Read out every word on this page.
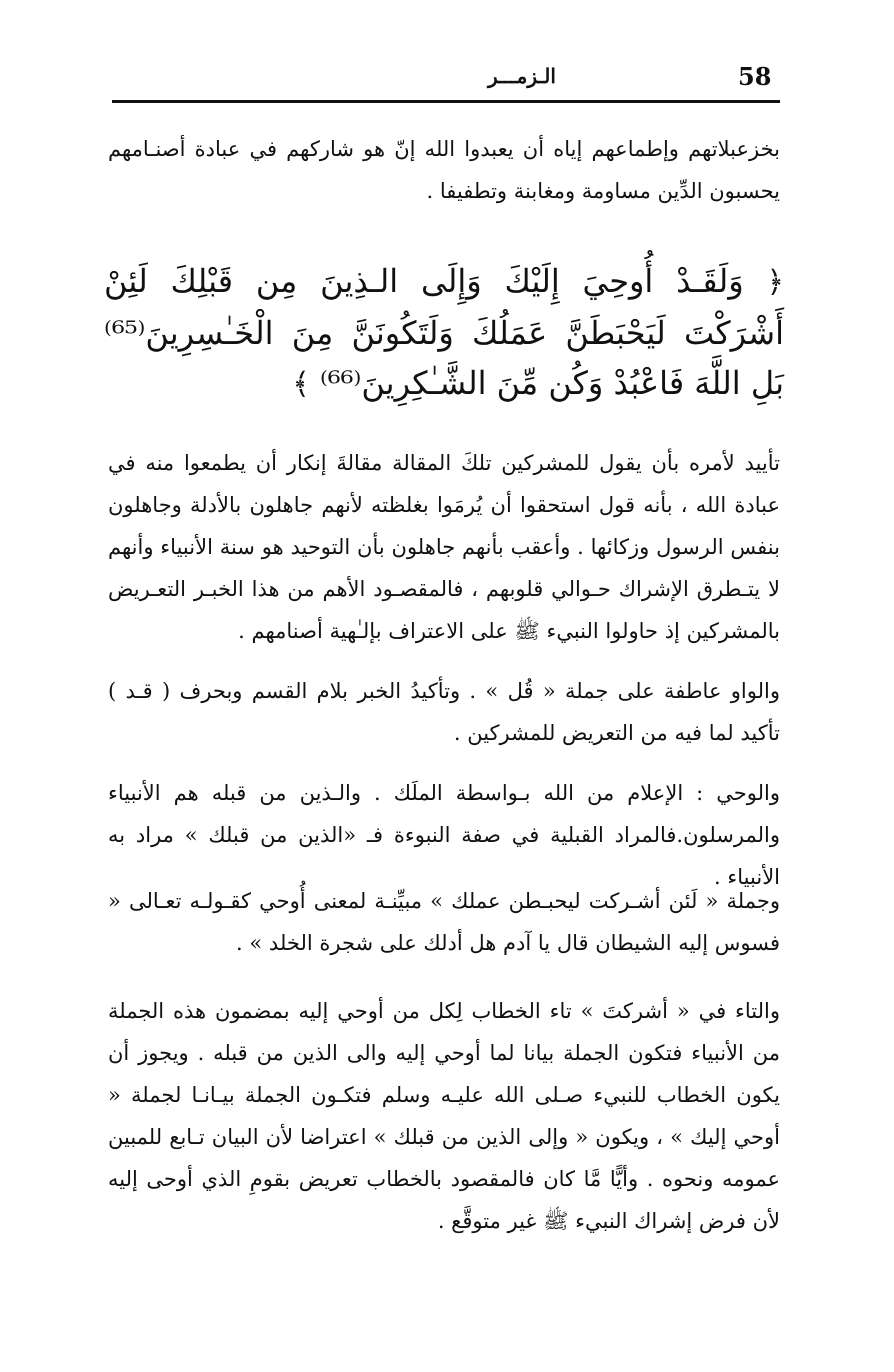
58
الـزمـــر

بخزعبلاتهم وإطماعهم إياه أن يعبدوا الله إنّ هو شاركهم في عبادة أصنـامهم يحسبون الدِّين مساومة ومغابنة وتطفيفا .

﴿ وَلَقَـدْ أُوحِيَ إِلَيْكَ وَإِلَى الـذِينَ مِن قَبْلِكَ لَئِنْ أَشْرَكْتَ لَيَحْبَطَنَّ عَمَلُكَ وَلَتَكُونَنَّ مِنَ الْخَـٰسِرِينَ⁽⁶⁵⁾ بَلِ اللَّهَ فَاعْبُدْ وَكُن مِّنَ الشَّـٰكِرِينَ⁽⁶⁶⁾ ﴾

تأييد لأمره بأن يقول للمشركين تلكَ المقالة مقالةَ إنكار أن يطمعوا منه في عبادة الله ، بأنه قول استحقوا أن يُرمَوا بغلظته لأنهم جاهلون بالأدلة وجاهلون بنفس الرسول وزكائها . وأعقب بأنهم جاهلون بأن التوحيد هو سنة الأنبياء وأنهم لا يتـطرق الإشراك حـوالي قلوبهم ، فالمقصـود الأهم من هذا الخبـر التعـريض بالمشركين إذ حاولوا النبيء ﷺ على الاعتراف بإلـٰهية أصنامهم .

والواو عاطفة على جملة « قُل » . وتأكيدُ الخبر بلام القسم وبحرف ( قـد ) تأكيد لما فيه من التعريض للمشركين .

والوحي : الإعلام من الله بـواسطة الملَك . والـذين من قبله هم الأنبياء والمرسلون.فالمراد القبلية في صفة النبوءة فـ «الذين من قبلك » مراد به الأنبياء .

وجملة « لَئن أشـركت ليحبـطن عملك » مبيِّنـة لمعنى أُوحي كقـولـه تعـالى « فسوس إليه الشيطان قال يا آدم هل أدلك على شجرة الخلد » .

والتاء في « أشركتَ » تاء الخطاب لِكل من أوحي إليه بمضمون هذه الجملة من الأنبياء فتكون الجملة بيانا لما أوحي إليه والى الذين من قبله . ويجوز أن يكون الخطاب للنبيء صـلى الله عليـه وسلم فتكـون الجملة بيـانـا لجملة « أوحي إليك » ، ويكون « وإلى الذين من قبلك » اعتراضا لأن البيان تـابع للمبين عمومه ونحوه . وأيًّا مَّا كان فالمقصود بالخطاب تعريض بقومِ الذي أوحى إليه لأن فرض إشراك النبيء ﷺ غير متوقَّع .
